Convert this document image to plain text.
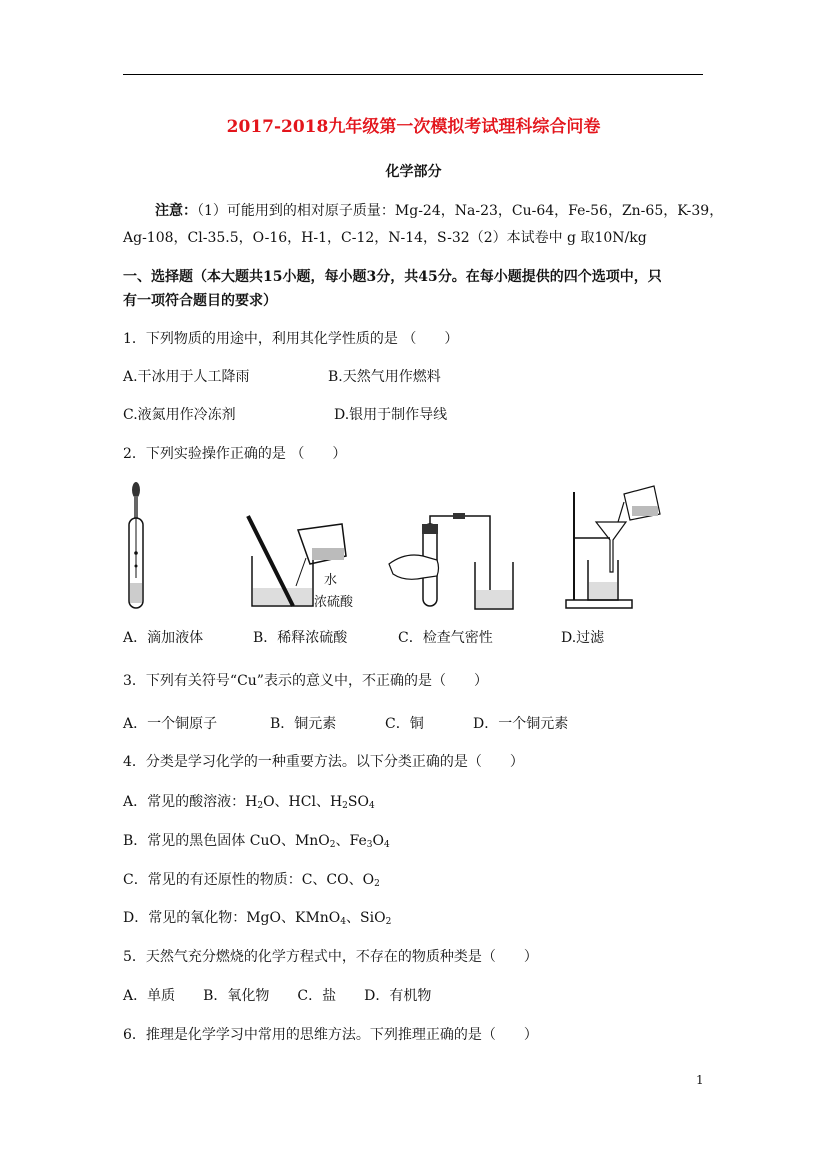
2017-2018九年级第一次模拟考试理科综合问卷
化学部分
注意：（1）可能用到的相对原子质量：Mg-24，Na-23，Cu-64，Fe-56，Zn-65，K-39，
Ag-108，Cl-35.5，O-16，H-1，C-12，N-14，S-32（2）本试卷中 g 取10N/kg
一、选择题（本大题共15小题，每小题3分，共45分。在每小题提供的四个选项中，只
有一项符合题目的要求）
1．下列物质的用途中，利用其化学性质的是 （　　）
A.干冰用于人工降雨	B.天然气用作燃料
C.液氮用作冷冻剂	D.银用于制作导线
2．下列实验操作正确的是 （　　）
水
浓硫酸
A．滴加液体	B．稀释浓硫酸	C．检查气密性	D.过滤
3．下列有关符号“Cu”表示的意义中，不正确的是（　　）
A．一个铜原子	B．铜元素	C．铜	D．一个铜元素
4．分类是学习化学的一种重要方法。以下分类正确的是（　　）
A．常见的酸溶液：$H_2O$、HCl、$H_2SO_4$
B．常见的黑色固体 CuO、MnO$_2$、$Fe_3O_4$
C．常见的有还原性的物质：C、CO、$O_2$
D．常见的氧化物：MgO、KMnO$_4$、SiO$_2$
5．天然气充分燃烧的化学方程式中，不存在的物质种类是（　　）
A．单质　　B．氧化物　　C．盐　　D．有机物
6．推理是化学学习中常用的思维方法。下列推理正确的是（　　）
1
